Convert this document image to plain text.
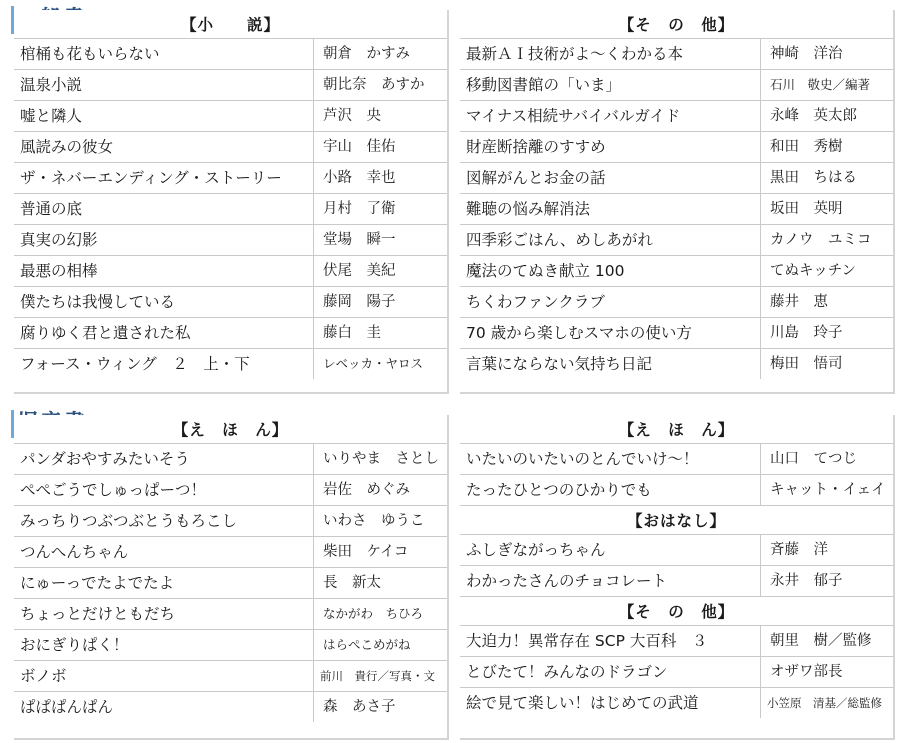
【小　　説】
棺桶も花もいらない	朝倉　かすみ
温泉小説	朝比奈　あすか
嘘と隣人	芦沢　央
風読みの彼女	宇山　佳佑
ザ・ネバーエンディング・ストーリー	小路　幸也
普通の底	月村　了衛
真実の幻影	堂場　瞬一
最悪の相棒	伏尾　美紀
僕たちは我慢している	藤岡　陽子
腐りゆく君と遺された私	藤白　圭
フォース・ウィング　２　上・下	レベッカ・ヤロス
【そ　の　他】
最新ＡＩ技術がよ〜くわかる本	神崎　洋治
移動図書館の「いま」	石川　敬史／編著
マイナス相続サバイバルガイド	永峰　英太郎
財産断捨離のすすめ	和田　秀樹
図解がんとお金の話	黒田　ちはる
難聴の悩み解消法	坂田　英明
四季彩ごはん、めしあがれ	カノウ　ユミコ
魔法のてぬき献立 100	てぬキッチン
ちくわファンクラブ	藤井　恵
70 歳から楽しむスマホの使い方	川島　玲子
言葉にならない気持ち日記	梅田　悟司
【え　ほ　ん】
パンダおやすみたいそう	いりやま　さとし
ぺぺごうでしゅっぱーつ！	岩佐　めぐみ
みっちりつぶつぶとうもろこし	いわさ　ゆうこ
つんへんちゃん	柴田　ケイコ
にゅーっでたよでたよ	長　新太
ちょっとだけともだち	なかがわ　ちひろ
おにぎりぱく！	はらぺこめがね
ボノボ	前川　貴行／写真・文
ぱぱぱんぱん	森　あさ子
【え　ほ　ん】
いたいのいたいのとんでいけ〜！	山口　てつじ
たったひとつのひかりでも	キャット・イェイ
【おはなし】
ふしぎながっちゃん	斉藤　洋
わかったさんのチョコレート	永井　郁子
【そ　の　他】
大迫力！異常存在 SCP 大百科　３	朝里　樹／監修
とびたて！みんなのドラゴン	オザワ部長
絵で見て楽しい！はじめての武道	小笠原　清基／総監修
